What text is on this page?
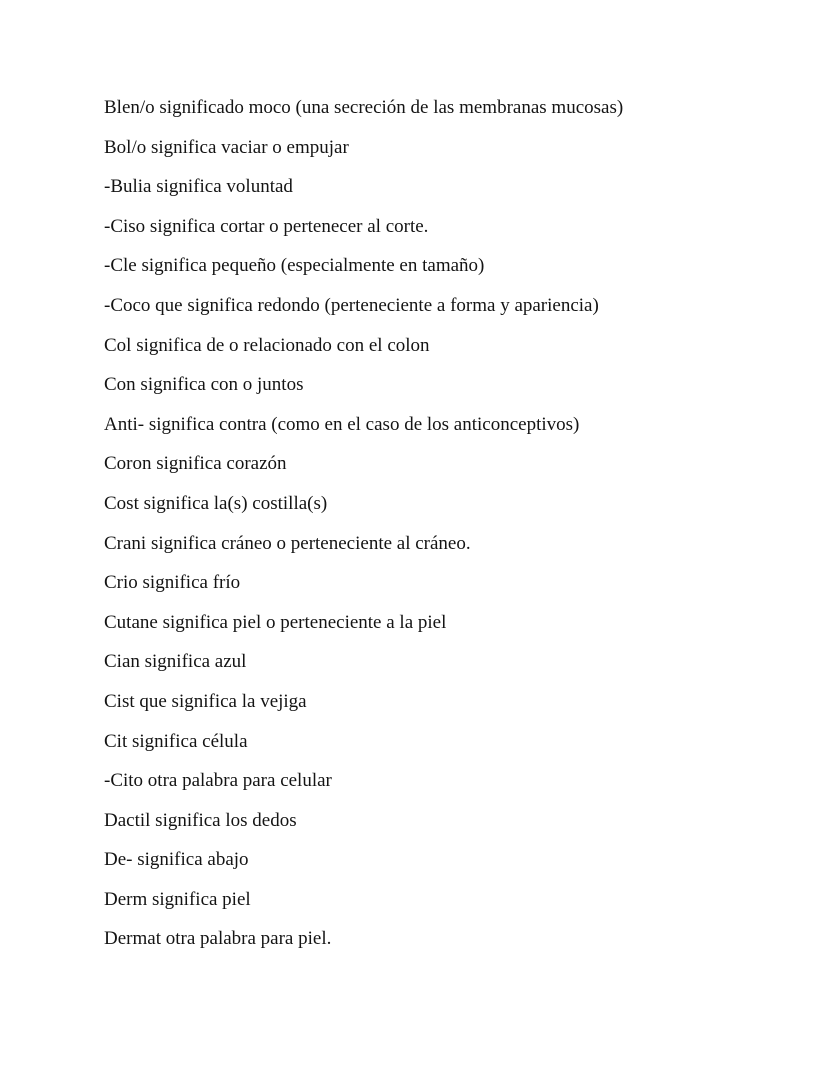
Blen/o significado moco (una secreción de las membranas mucosas)
Bol/o significa vaciar o empujar
-Bulia significa voluntad
-Ciso significa cortar o pertenecer al corte.
-Cle significa pequeño (especialmente en tamaño)
-Coco que significa redondo (perteneciente a forma y apariencia)
Col significa de o relacionado con el colon
Con significa con o juntos
Anti- significa contra (como en el caso de los anticonceptivos)
Coron significa corazón
Cost significa la(s) costilla(s)
Crani significa cráneo o perteneciente al cráneo.
Crio significa frío
Cutane significa piel o perteneciente a la piel
Cian significa azul
Cist que significa la vejiga
Cit significa célula
-Cito otra palabra para celular
Dactil significa los dedos
De- significa abajo
Derm significa piel
Dermat otra palabra para piel.
